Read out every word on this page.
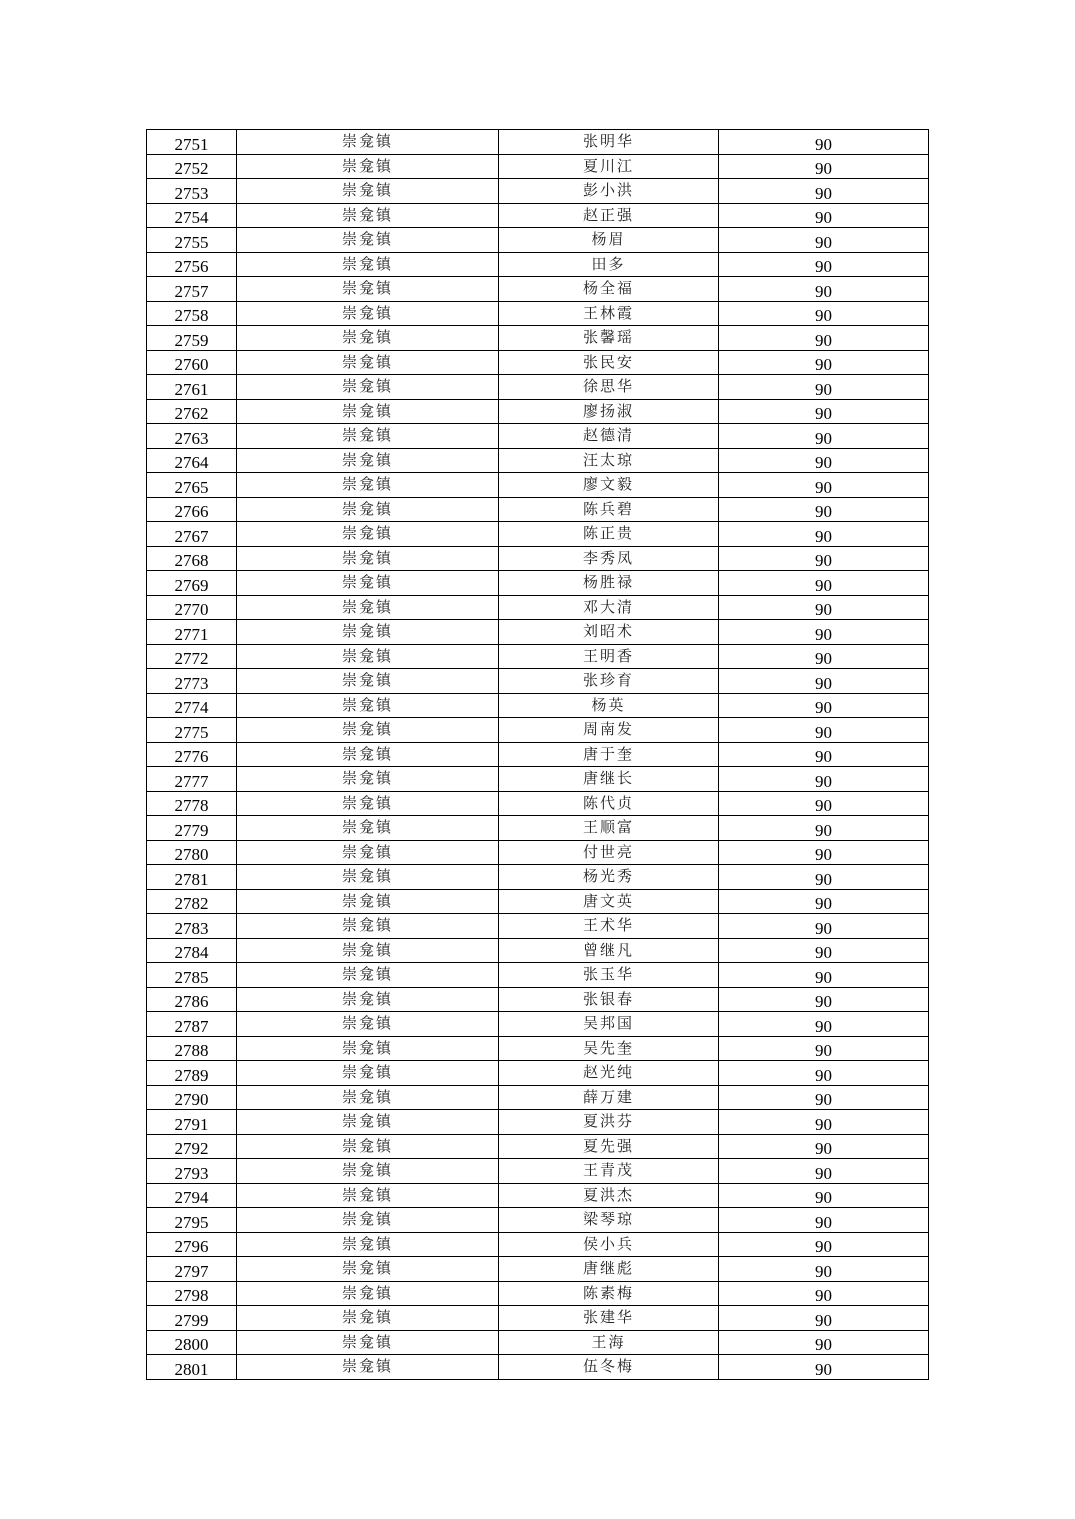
2751	崇龛镇	张明华	90
2752	崇龛镇	夏川江	90
2753	崇龛镇	彭小洪	90
2754	崇龛镇	赵正强	90
2755	崇龛镇	杨眉	90
2756	崇龛镇	田多	90
2757	崇龛镇	杨全福	90
2758	崇龛镇	王林霞	90
2759	崇龛镇	张馨瑶	90
2760	崇龛镇	张民安	90
2761	崇龛镇	徐思华	90
2762	崇龛镇	廖扬淑	90
2763	崇龛镇	赵德清	90
2764	崇龛镇	汪太琼	90
2765	崇龛镇	廖文毅	90
2766	崇龛镇	陈兵碧	90
2767	崇龛镇	陈正贵	90
2768	崇龛镇	李秀凤	90
2769	崇龛镇	杨胜禄	90
2770	崇龛镇	邓大清	90
2771	崇龛镇	刘昭术	90
2772	崇龛镇	王明香	90
2773	崇龛镇	张珍育	90
2774	崇龛镇	杨英	90
2775	崇龛镇	周南发	90
2776	崇龛镇	唐于奎	90
2777	崇龛镇	唐继长	90
2778	崇龛镇	陈代贞	90
2779	崇龛镇	王顺富	90
2780	崇龛镇	付世亮	90
2781	崇龛镇	杨光秀	90
2782	崇龛镇	唐文英	90
2783	崇龛镇	王术华	90
2784	崇龛镇	曾继凡	90
2785	崇龛镇	张玉华	90
2786	崇龛镇	张银春	90
2787	崇龛镇	吴邦国	90
2788	崇龛镇	吴先奎	90
2789	崇龛镇	赵光纯	90
2790	崇龛镇	薛万建	90
2791	崇龛镇	夏洪芬	90
2792	崇龛镇	夏先强	90
2793	崇龛镇	王青茂	90
2794	崇龛镇	夏洪杰	90
2795	崇龛镇	梁琴琼	90
2796	崇龛镇	侯小兵	90
2797	崇龛镇	唐继彪	90
2798	崇龛镇	陈素梅	90
2799	崇龛镇	张建华	90
2800	崇龛镇	王海	90
2801	崇龛镇	伍冬梅	90
